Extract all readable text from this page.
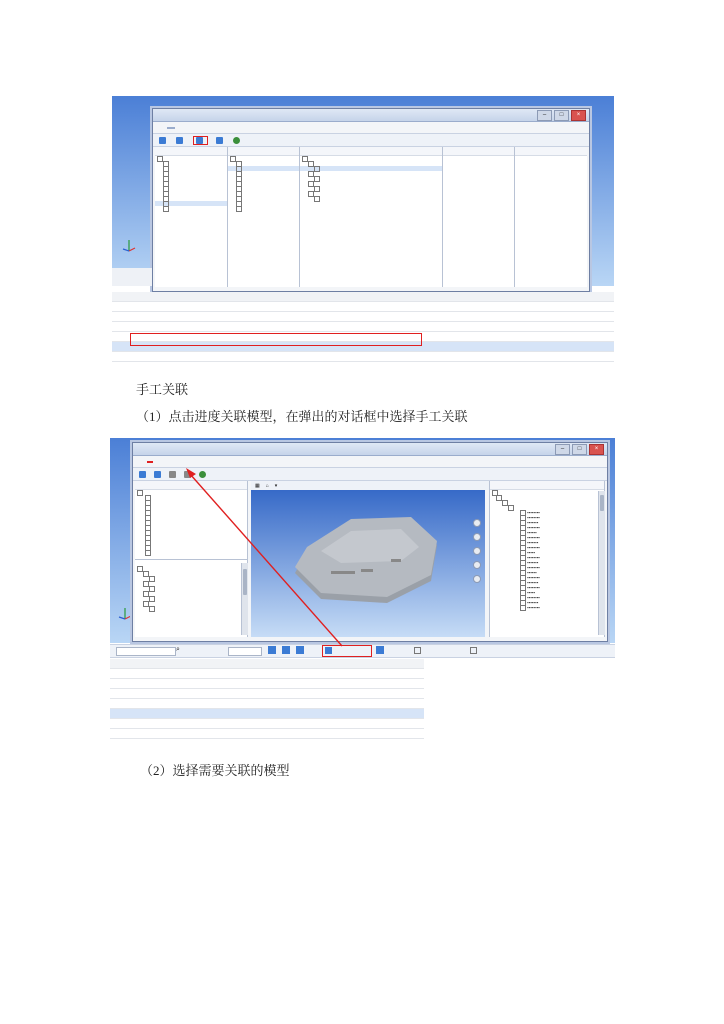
–	□	×
手工关联
（1）点击进度关联模型，在弹出的对话框中选择手工关联
–	□	×
▦ ⌂ ▾
▪▪▪▪▪▪▪▪
▪▪▪▪▪▪▪▪
▪▪▪▪▪▪▪
▪▪▪▪▪▪▪▪
▪▪▪▪▪▪
▪▪▪▪▪▪▪▪
▪▪▪▪▪▪▪
▪▪▪▪▪▪▪▪
▪▪▪▪▪
▪▪▪▪▪▪▪▪
▪▪▪▪▪▪▪
▪▪▪▪▪▪▪▪
▪▪▪▪▪▪
▪▪▪▪▪▪▪▪
▪▪▪▪▪▪▪
▪▪▪▪▪▪▪▪
▪▪▪▪▪
▪▪▪▪▪▪▪▪
▪▪▪▪▪▪▪
▪▪▪▪▪▪▪▪
⌕
（2）选择需要关联的模型
